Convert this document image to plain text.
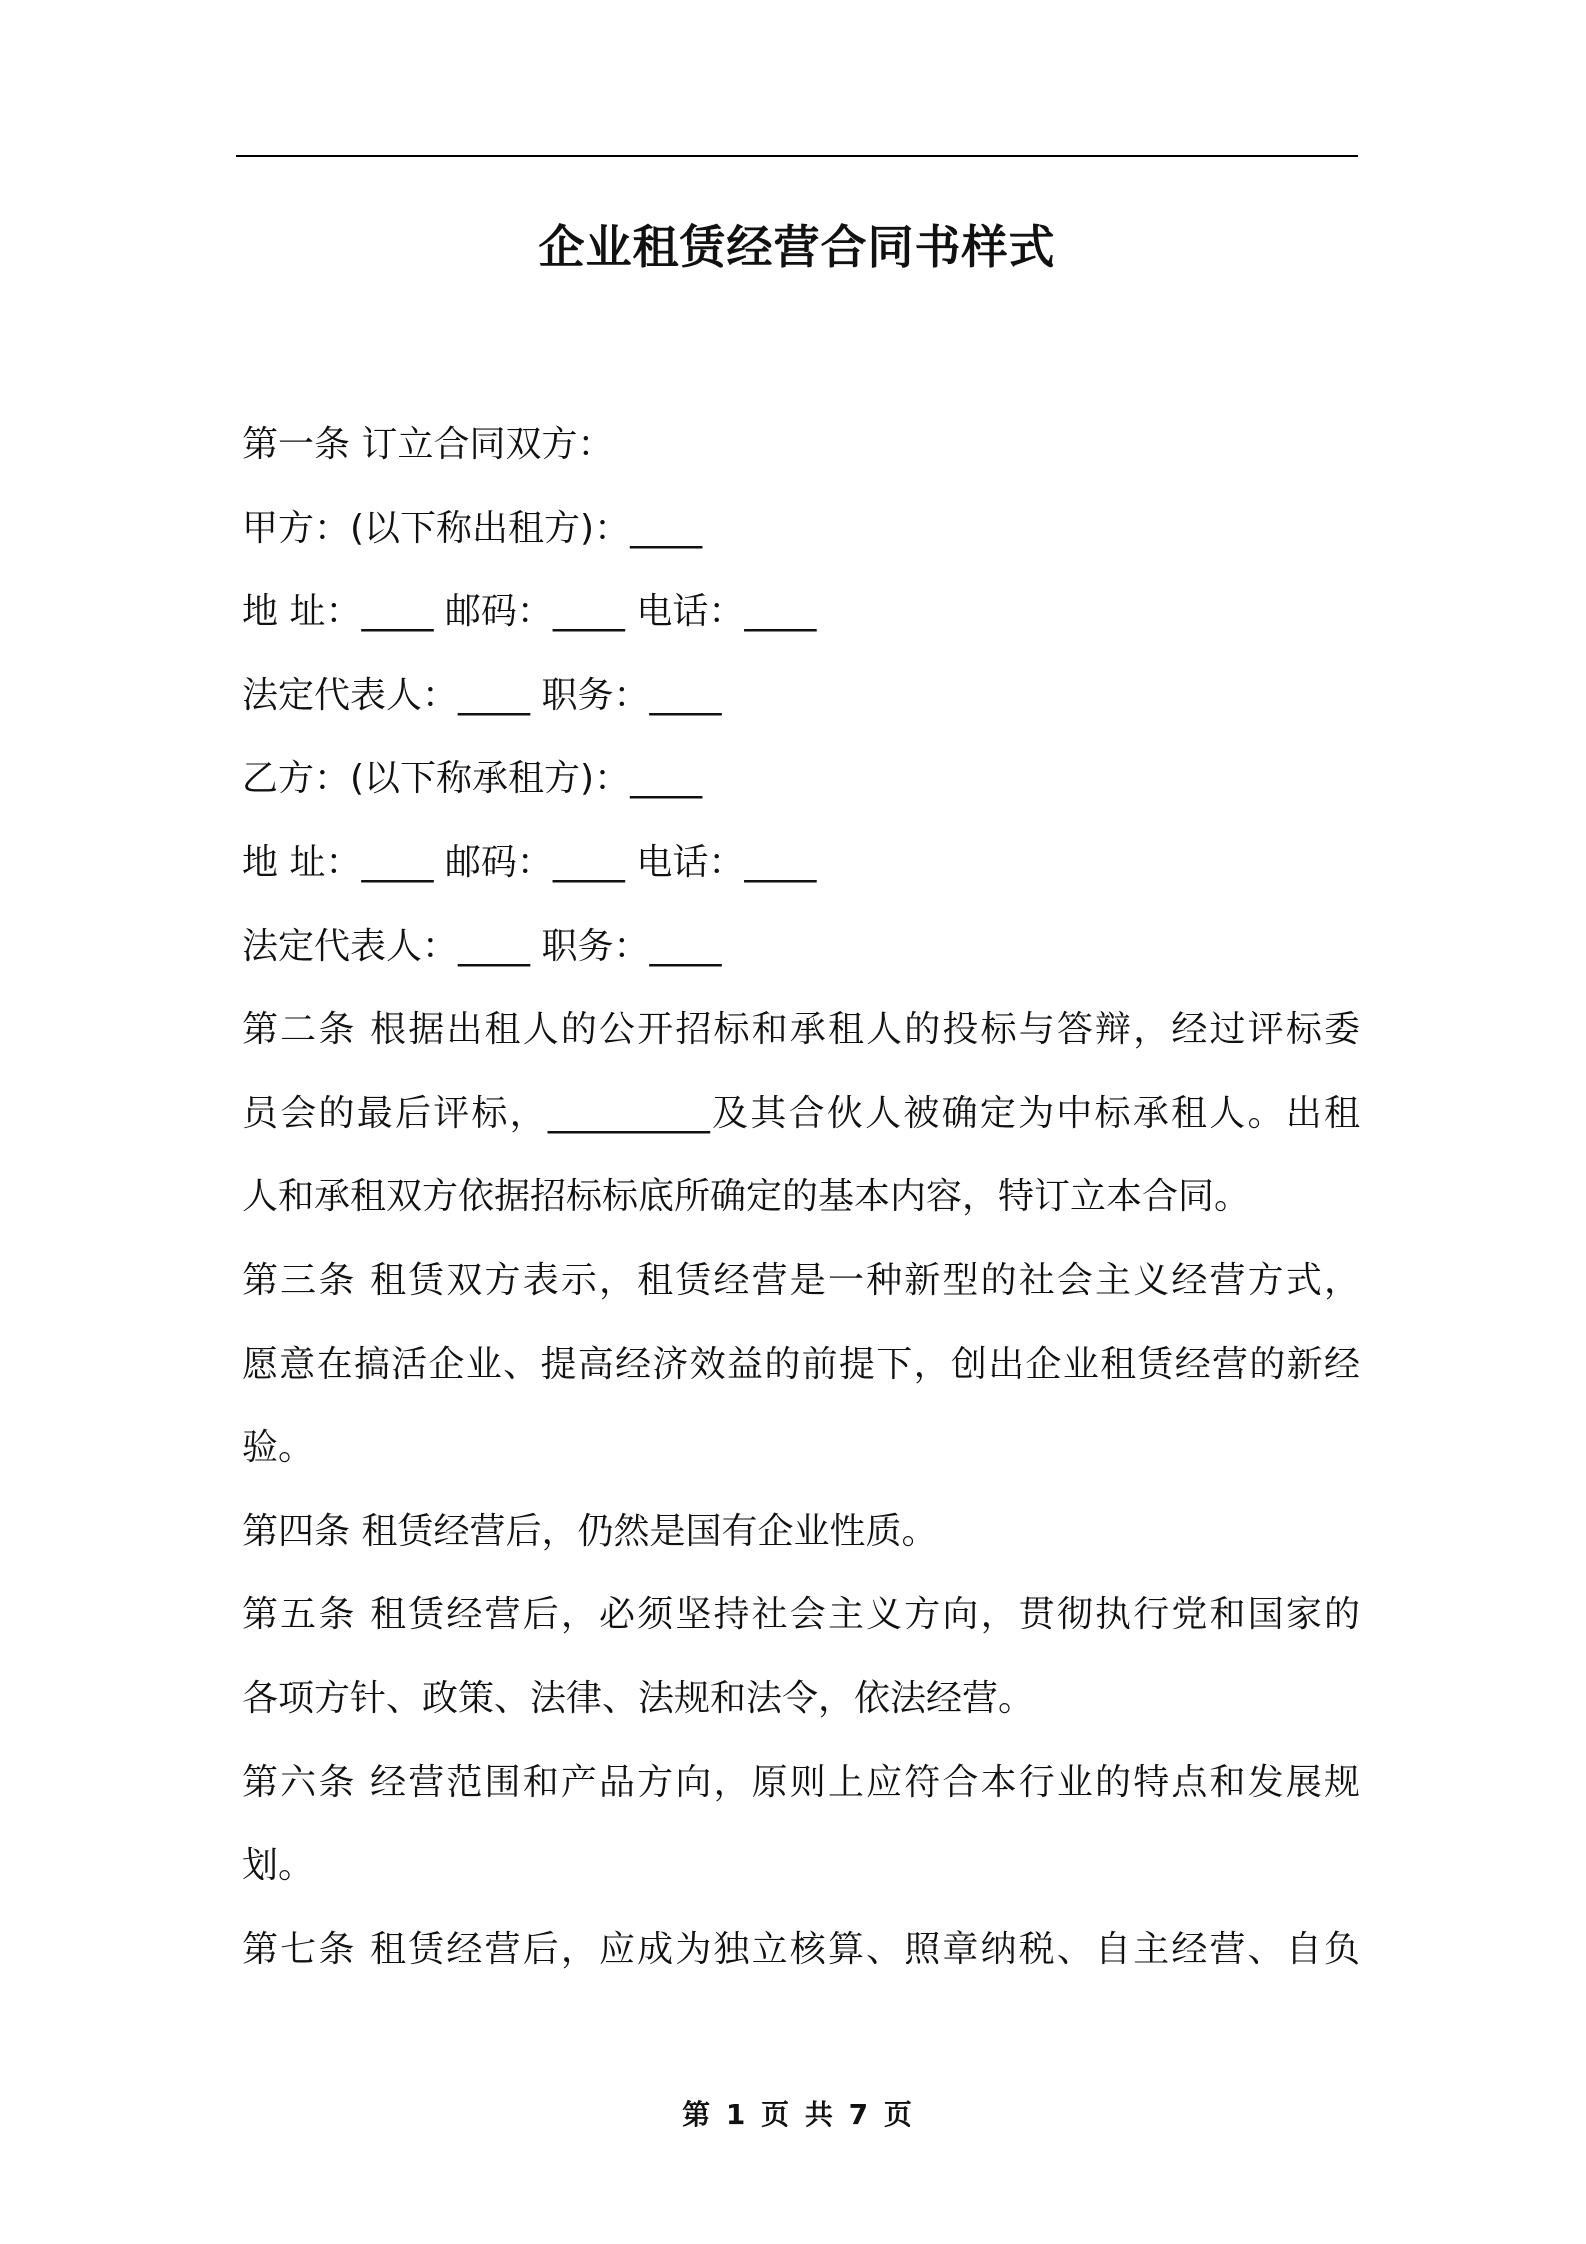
企业租赁经营合同书样式
第一条 订立合同双方：
甲方：(以下称出租方)：____
地 址：____ 邮码：____ 电话：____
法定代表人：____ 职务：____
乙方：(以下称承租方)：____
地 址：____ 邮码：____ 电话：____
法定代表人：____ 职务：____
第二条 根据出租人的公开招标和承租人的投标与答辩，经过评标委
员会的最后评标，_________及其合伙人被确定为中标承租人。出租
人和承租双方依据招标标底所确定的基本内容，特订立本合同。
第三条 租赁双方表示，租赁经营是一种新型的社会主义经营方式，
愿意在搞活企业、提高经济效益的前提下，创出企业租赁经营的新经
验。
第四条 租赁经营后，仍然是国有企业性质。
第五条 租赁经营后，必须坚持社会主义方向，贯彻执行党和国家的
各项方针、政策、法律、法规和法令，依法经营。
第六条 经营范围和产品方向，原则上应符合本行业的特点和发展规
划。
第七条 租赁经营后，应成为独立核算、照章纳税、自主经营、自负
第 1 页 共 7 页
